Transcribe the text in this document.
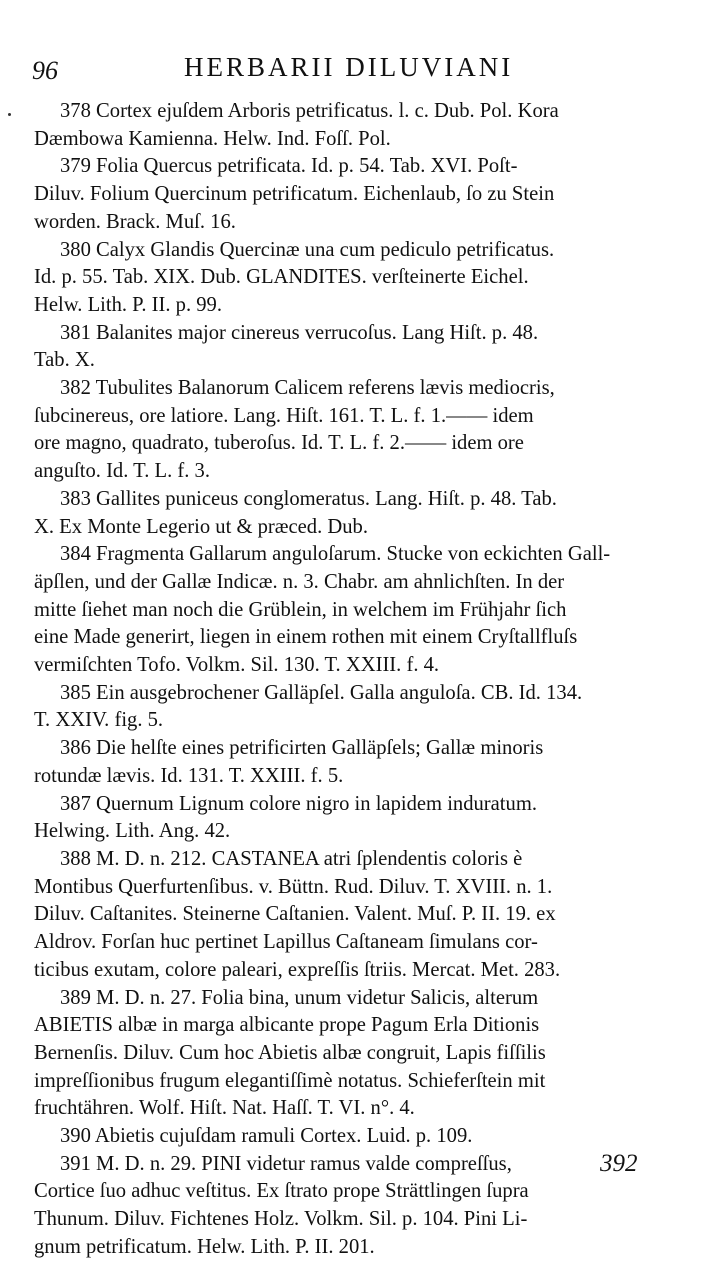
96	HERBARII DILUVIANI
378 Cortex ejuſdem Arboris petrificatus. l. c. Dub. Pol. Kora
Dæmbowa Kamienna. Helw. Ind. Foſſ. Pol.
379 Folia Quercus petrificata. Id. p. 54. Tab. XVI. Poſt-
Diluv. Folium Quercinum petrificatum. Eichenlaub, ſo zu Stein
worden. Brack. Muſ. 16.
380 Calyx Glandis Quercinæ una cum pediculo petrificatus.
Id. p. 55. Tab. XIX. Dub. GLANDITES. verſteinerte Eichel.
Helw. Lith. P. II. p. 99.
381 Balanites major cinereus verrucoſus. Lang Hiſt. p. 48.
Tab. X.
382 Tubulites Balanorum Calicem referens lævis mediocris,
ſubcinereus, ore latiore. Lang. Hiſt. 161. T. L. f. 1.—— idem
ore magno, quadrato, tuberoſus. Id. T. L. f. 2.—— idem ore
anguſto. Id. T. L. f. 3.
383 Gallites puniceus conglomeratus. Lang. Hiſt. p. 48. Tab.
X. Ex Monte Legerio ut & præced. Dub.
384 Fragmenta Gallarum anguloſarum. Stucke von eckichten Gall-
äpſlen, und der Gallæ Indicæ. n. 3. Chabr. am ahnlichſten. In der
mitte ſiehet man noch die Grüblein, in welchem im Frühjahr ſich
eine Made generirt, liegen in einem rothen mit einem Cryſtallfluſs
vermiſchten Tofo. Volkm. Sil. 130. T. XXIII. f. 4.
385 Ein ausgebrochener Galläpſel. Galla anguloſa. CB. Id. 134.
T. XXIV. fig. 5.
386 Die helſte eines petrificirten Galläpſels; Gallæ minoris
rotundæ lævis. Id. 131. T. XXIII. f. 5.
387 Quernum Lignum colore nigro in lapidem induratum.
Helwing. Lith. Ang. 42.
388 M. D. n. 212. CASTANEA atri ſplendentis coloris è
Montibus Querfurtenſibus. v. Büttn. Rud. Diluv. T. XVIII. n. 1.
Diluv. Caſtanites. Steinerne Caſtanien. Valent. Muſ. P. II. 19. ex
Aldrov. Forſan huc pertinet Lapillus Caſtaneam ſimulans cor-
ticibus exutam, colore paleari, expreſſis ſtriis. Mercat. Met. 283.
389 M. D. n. 27. Folia bina, unum videtur Salicis, alterum
ABIETIS albæ in marga albicante prope Pagum Erla Ditionis
Bernenſis. Diluv. Cum hoc Abietis albæ congruit, Lapis fiſſilis
impreſſionibus frugum elegantiſſimè notatus. Schieferſtein mit
fruchtähren. Wolf. Hiſt. Nat. Haſſ. T. VI. n°. 4.
390 Abietis cujuſdam ramuli Cortex. Luid. p. 109.
391 M. D. n. 29. PINI videtur ramus valde compreſſus,
Cortice ſuo adhuc veſtitus. Ex ſtrato prope Strättlingen ſupra
Thunum. Diluv. Fichtenes Holz. Volkm. Sil. p. 104. Pini Li-
gnum petrificatum. Helw. Lith. P. II. 201.
392
